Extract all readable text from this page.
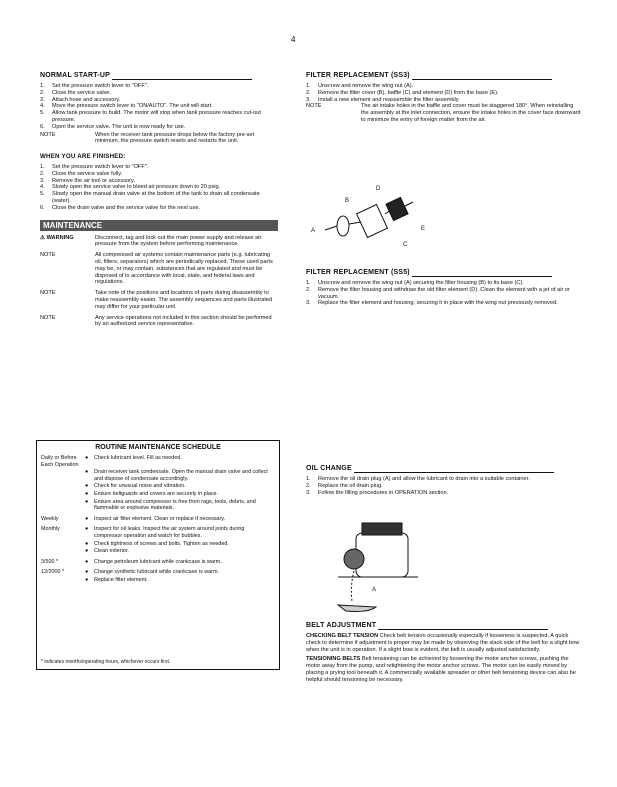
4
NORMAL START-UP
1. Set the pressure switch lever to "OFF".
2. Close the service valve.
3. Attach hose and accessory.
4. Move the pressure switch lever to "ON/AUTO". The unit will start.
5. Allow tank pressure to build. The motor will stop when tank pressure reaches cut-out pressure.
6. Open the service valve. The unit is now ready for use.
NOTE	When the receiver tank pressure drops below the factory pre-set minimum, the pressure switch resets and restarts the unit.
WHEN YOU ARE FINISHED:
1. Set the pressure switch lever to "OFF".
2. Close the service valve fully.
3. Remove the air tool or accessory.
4. Slowly open the service valve to bleed air pressure down to 20 psig.
5. Slowly open the manual drain valve at the bottom of the tank to drain all condensate (water).
6. Close the drain valve and the service valve for the next use.
MAINTENANCE
⚠ WARNING	Disconnect, tag and lock out the main power supply and release air pressure from the system before performing maintenance.
NOTE	All compressed air systems contain maintenance parts (e.g. lubricating oil, filters, separators) which are periodically replaced. These used parts may be, or may contain, substances that are regulated and must be disposed of in accordance with local, state, and federal laws and regulations.
NOTE	Take note of the positions and locations of parts during disassembly to make reassembly easier. The assembly sequences and parts illustrated may differ for your particular unit.
NOTE	Any service operations not included in this section should be performed by an authorized service representative.
ROUTINE MAINTENANCE SCHEDULE
Daily or Before Each Operation
●	Check lubricant level. Fill as needed.
●	Drain receiver tank condensate. Open the manual drain valve and collect and dispose of condensate accordingly.
●	Check for unusual noise and vibration.
●	Ensure beltguards and covers are securely in place.
●	Ensure area around compressor is free from rags, tools, debris, and flammable or explosive materials.
Weekly	●	Inspect air filter element. Clean or replace if necessary.
Monthly	●	Inspect for oil leaks. Inspect the air system around joints during compressor operation and watch for bubbles.
●	Check tightness of screws and bolts. Tighten as needed.
●	Clean exterior.
3/500 *	●	Change petroleum lubricant while crankcase is warm.
12/2000 *	●	Change synthetic lubricant while crankcase is warm.
●	Replace filter element.
* indicates months/operating hours, whichever occurs first.
FILTER REPLACEMENT (SS3)
1. Unscrew and remove the wing nut (A).
2. Remove the filter cover (B), baffle (C) and element (D) from the base (E).
3. Install a new element and reassemble the filter assembly.
NOTE	The air intake holes in the baffle and cover must be staggered 180°. When reinstalling the assembly at the inlet connection, ensure the intake holes in the cover face downward to minimize the entry of foreign matter from the air.
A
B
C
D
E
FILTER REPLACEMENT (SS5)
1. Unscrew and remove the wing nut (A) securing the filter housing (B) to its base (C).
2. Remove the filter housing and withdraw the old filter element (D). Clean the element with a jet of air or vacuum.
3. Replace the filter element and housing, securing it in place with the wing nut previously removed.
OIL CHANGE
1. Remove the oil drain plug (A) and allow the lubricant to drain into a suitable container.
2. Replace the oil drain plug.
3. Follow the filling procedures in OPERATION section.
A
BELT ADJUSTMENT

CHECKING BELT TENSION Check belt tension occasionally especially if looseness is suspected. A quick check to determine if adjustment is proper may be made by observing the slack side of the belt for a slight bow when the unit is in operation. If a slight bow is evident, the belt is usually adjusted satisfactorily.

TENSIONING BELTS Belt tensioning can be achieved by loosening the motor anchor screws, pushing the motor away from the pump, and retightening the motor anchor screws. The motor can be easily moved by placing a prying tool beneath it. A commercially available spreader or other belt tensioning device can also be helpful should tensioning be necessary.
